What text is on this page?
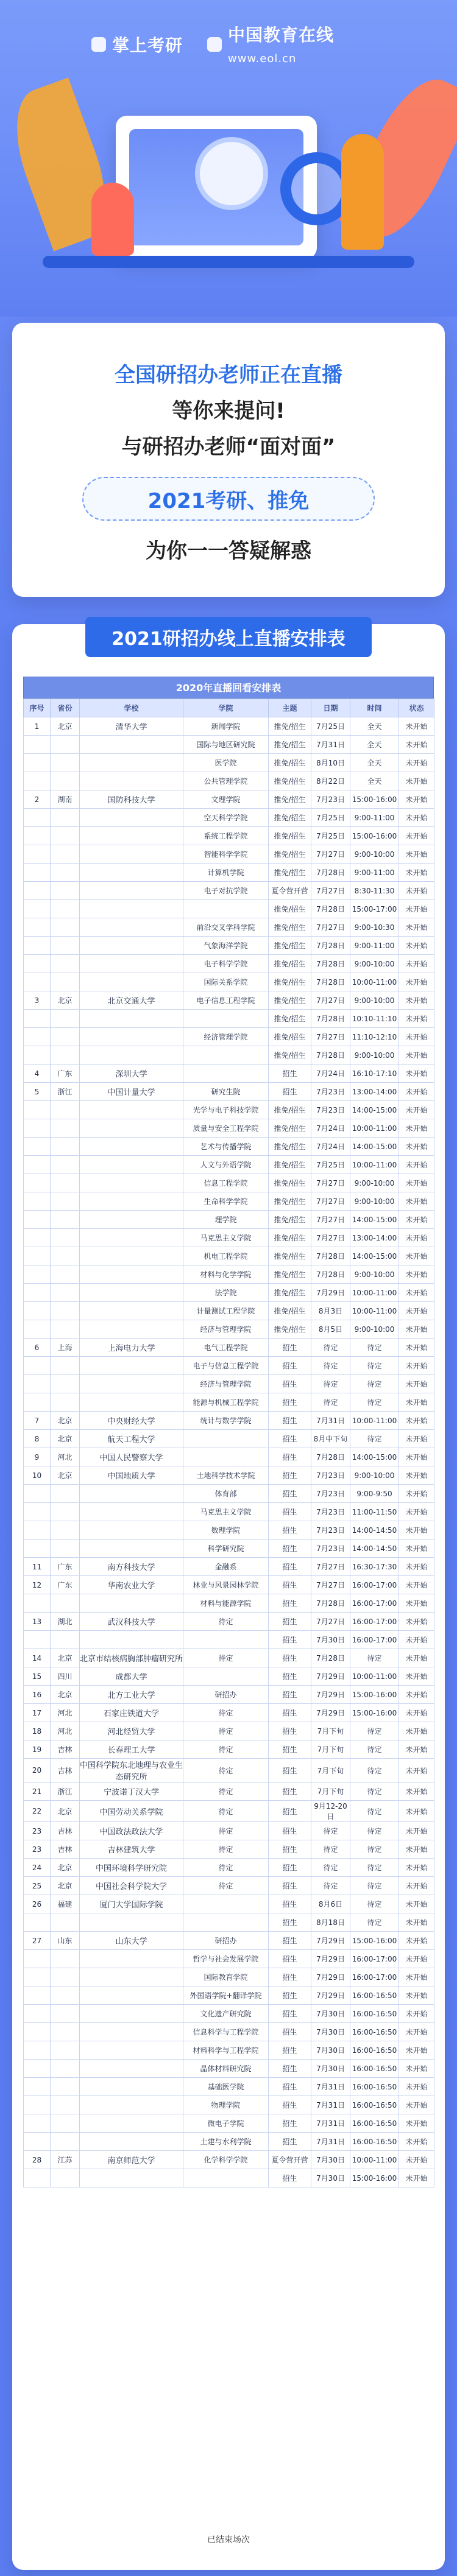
掌上考研	中国教育在线
www.eol.cn
全国研招办老师正在直播
等你来提问!
与研招办老师“面对面”
2021考研、推免
为你一一答疑解惑
2021研招办线上直播安排表
2020年直播回看安排表
序号	省份	学校	学院	主题	日期	时间	状态
1	北京	清华大学	新闻学院	推免/招生	7月25日	全天	未开始
			国际与地区研究院	推免/招生	7月31日	全天	未开始
			医学院	推免/招生	8月10日	全天	未开始
			公共管理学院	推免/招生	8月22日	全天	未开始
2	湖南	国防科技大学	文理学院	推免/招生	7月23日	15:00-16:00	未开始
			空天科学学院	推免/招生	7月25日	9:00-11:00	未开始
			系统工程学院	推免/招生	7月25日	15:00-16:00	未开始
			智能科学学院	推免/招生	7月27日	9:00-10:00	未开始
			计算机学院	推免/招生	7月28日	9:00-11:00	未开始
			电子对抗学院	夏令营开营	7月27日	8:30-11:30	未开始
				推免/招生	7月28日	15:00-17:00	未开始
			前沿交叉学科学院	推免/招生	7月27日	9:00-10:30	未开始
			气象海洋学院	推免/招生	7月28日	9:00-11:00	未开始
			电子科学学院	推免/招生	7月28日	9:00-10:00	未开始
			国际关系学院	推免/招生	7月28日	10:00-11:00	未开始
3	北京	北京交通大学	电子信息工程学院	推免/招生	7月27日	9:00-10:00	未开始
				推免/招生	7月28日	10:10-11:10	未开始
			经济管理学院	推免/招生	7月27日	11:10-12:10	未开始
				推免/招生	7月28日	9:00-10:00	未开始
4	广东	深圳大学		招生	7月24日	16:10-17:10	未开始
5	浙江	中国计量大学	研究生院	招生	7月23日	13:00-14:00	未开始
			光学与电子科技学院	推免/招生	7月23日	14:00-15:00	未开始
			质量与安全工程学院	推免/招生	7月24日	10:00-11:00	未开始
			艺术与传播学院	推免/招生	7月24日	14:00-15:00	未开始
			人文与外语学院	推免/招生	7月25日	10:00-11:00	未开始
			信息工程学院	推免/招生	7月27日	9:00-10:00	未开始
			生命科学学院	推免/招生	7月27日	9:00-10:00	未开始
			理学院	推免/招生	7月27日	14:00-15:00	未开始
			马克思主义学院	推免/招生	7月27日	13:00-14:00	未开始
			机电工程学院	推免/招生	7月28日	14:00-15:00	未开始
			材料与化学学院	推免/招生	7月28日	9:00-10:00	未开始
			法学院	推免/招生	7月29日	10:00-11:00	未开始
			计量测试工程学院	推免/招生	8月3日	10:00-11:00	未开始
			经济与管理学院	推免/招生	8月5日	9:00-10:00	未开始
6	上海	上海电力大学	电气工程学院	招生	待定	待定	未开始
			电子与信息工程学院	招生	待定	待定	未开始
			经济与管理学院	招生	待定	待定	未开始
			能源与机械工程学院	招生	待定	待定	未开始
7	北京	中央财经大学	统计与数学学院	招生	7月31日	10:00-11:00	未开始
8	北京	航天工程大学		招生	8月中下旬	待定	未开始
9	河北	中国人民警察大学		招生	7月28日	14:00-15:00	未开始
10	北京	中国地质大学	土地科学技术学院	招生	7月23日	9:00-10:00	未开始
			体育部	招生	7月23日	9:00-9:50	未开始
			马克思主义学院	招生	7月23日	11:00-11:50	未开始
			数理学院	招生	7月23日	14:00-14:50	未开始
			科学研究院	招生	7月23日	14:00-14:50	未开始
11	广东	南方科技大学	金融系	招生	7月27日	16:30-17:30	未开始
12	广东	华南农业大学	林业与风景园林学院	招生	7月27日	16:00-17:00	未开始
			材料与能源学院	招生	7月28日	16:00-17:00	未开始
13	湖北	武汉科技大学	待定	招生	7月27日	16:00-17:00	未开始
				招生	7月30日	16:00-17:00	未开始
14	北京	北京市结核病胸部肿瘤研究所	待定	招生	7月28日	待定	未开始
15	四川	成都大学		招生	7月29日	10:00-11:00	未开始
16	北京	北方工业大学	研招办	招生	7月29日	15:00-16:00	未开始
17	河北	石家庄铁道大学	待定	招生	7月29日	15:00-16:00	未开始
18	河北	河北经贸大学	待定	招生	7月下旬	待定	未开始
19	吉林	长春理工大学	待定	招生	7月下旬	待定	未开始
20	吉林	中国科学院东北地理与农业生态研究所	待定	招生	7月下旬	待定	未开始
21	浙江	宁波诺丁汉大学	待定	招生	7月下旬	待定	未开始
22	北京	中国劳动关系学院	待定	招生	9月12-20日	待定	未开始
23	吉林	中国政法政法大学	待定	招生	待定	待定	未开始
23	吉林	吉林建筑大学	待定	招生	待定	待定	未开始
24	北京	中国环境科学研究院	待定	招生	待定	待定	未开始
25	北京	中国社会科学院大学	待定	招生	待定	待定	未开始
26	福建	厦门大学国际学院		招生	8月6日	待定	未开始
				招生	8月18日	待定	未开始
27	山东	山东大学	研招办	招生	7月29日	15:00-16:00	未开始
			哲学与社会发展学院	招生	7月29日	16:00-17:00	未开始
			国际教育学院	招生	7月29日	16:00-17:00	未开始
			外国语学院+翻译学院	招生	7月29日	16:00-16:50	未开始
			文化遗产研究院	招生	7月30日	16:00-16:50	未开始
			信息科学与工程学院	招生	7月30日	16:00-16:50	未开始
			材料科学与工程学院	招生	7月30日	16:00-16:50	未开始
			晶体材料研究院	招生	7月30日	16:00-16:50	未开始
			基础医学院	招生	7月31日	16:00-16:50	未开始
			物理学院	招生	7月31日	16:00-16:50	未开始
			微电子学院	招生	7月31日	16:00-16:50	未开始
			土建与水利学院	招生	7月31日	16:00-16:50	未开始
28	江苏	南京师范大学	化学科学学院	夏令营开营	7月30日	10:00-11:00	未开始
				招生	7月30日	15:00-16:00	未开始
已结束场次
